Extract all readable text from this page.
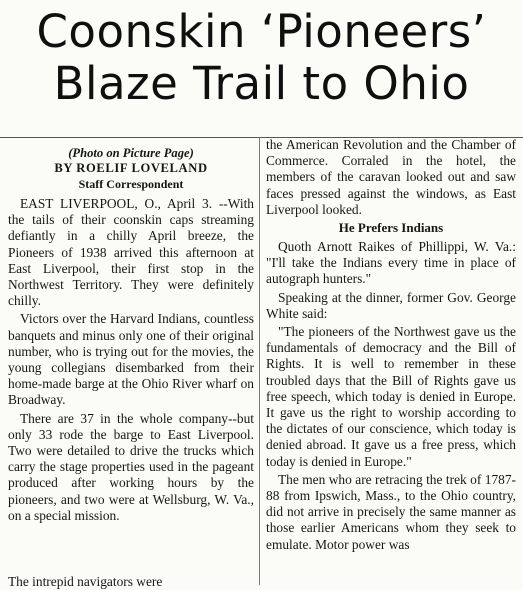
Coonskin ‘Pioneers’
Blaze Trail to Ohio
(Photo on Picture Page)
BY ROELIF LOVELAND
Staff Correspondent

EAST LIVERPOOL, O., April 3. --With the tails of their coonskin caps streaming defiantly in a chilly April breeze, the Pioneers of 1938 arrived this afternoon at East Liverpool, their first stop in the Northwest Territory. They were definitely chilly.

Victors over the Harvard Indians, countless banquets and minus only one of their original number, who is trying out for the movies, the young collegians disembarked from their home-made barge at the Ohio River wharf on Broadway.

There are 37 in the whole company--but only 33 rode the barge to East Liverpool. Two were detailed to drive the trucks which carry the stage properties used in the pageant produced after working hours by the pioneers, and two were at Wellsburg, W. Va., on a special mission.

The intrepid navigators were

the American Revolution and the Chamber of Commerce. Corraled in the hotel, the members of the caravan looked out and saw faces pressed against the windows, as East Liverpool looked.

He Prefers Indians

Quoth Arnott Raikes of Phillippi, W. Va.: "I'll take the Indians every time in place of autograph hunters."

Speaking at the dinner, former Gov. George White said:

"The pioneers of the Northwest gave us the fundamentals of democracy and the Bill of Rights. It is well to remember in these troubled days that the Bill of Rights gave us free speech, which today is denied in Europe. It gave us the right to worship according to the dictates of our conscience, which today is denied abroad. It gave us a free press, which today is denied in Europe."

The men who are retracing the trek of 1787-88 from Ipswich, Mass., to the Ohio country, did not arrive in precisely the same manner as those earlier Americans whom they seek to emulate. Motor power was
